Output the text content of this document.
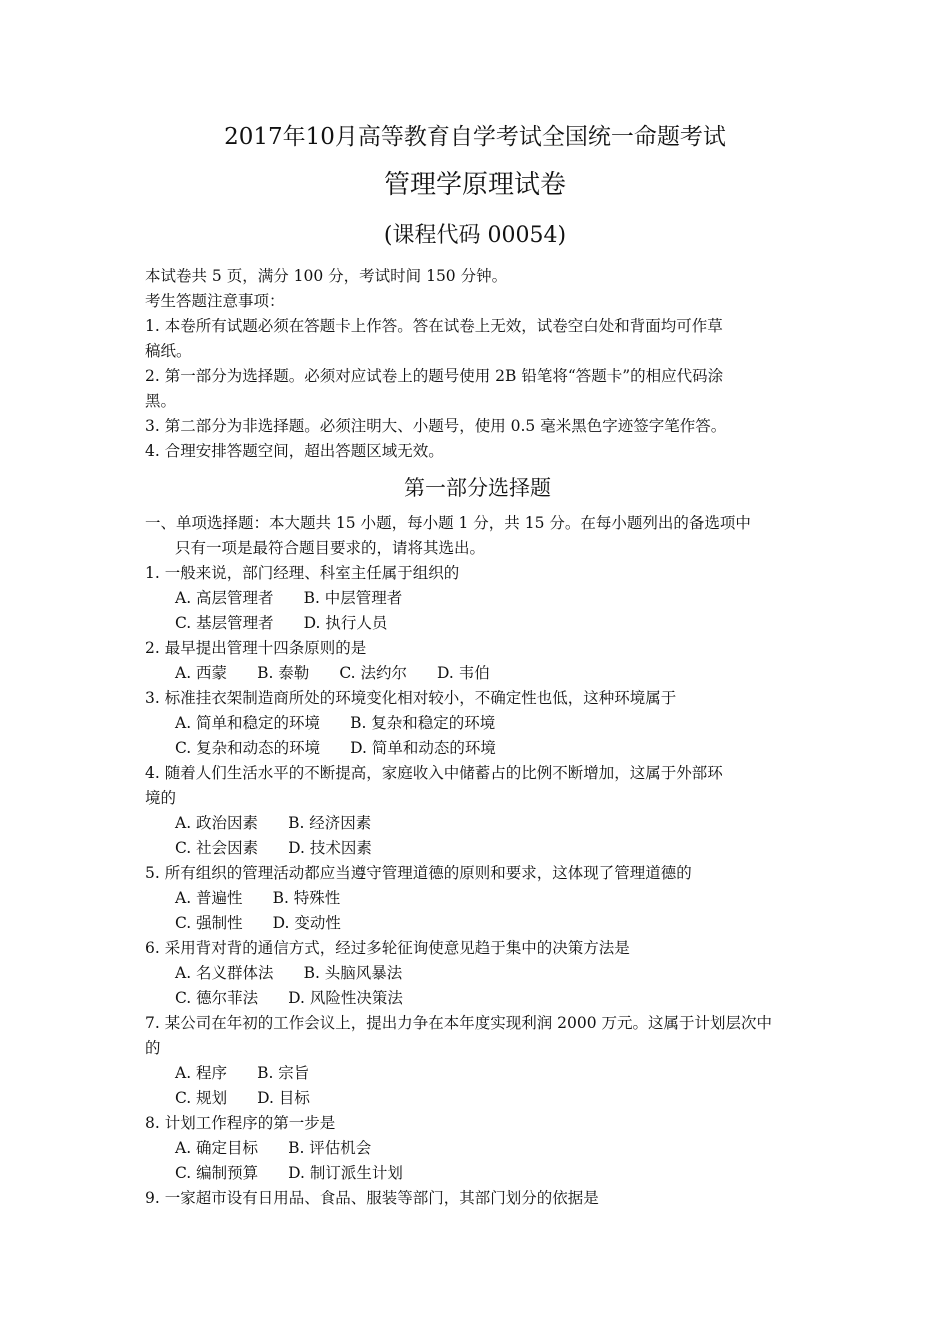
2017年10月高等教育自学考试全国统一命题考试
管理学原理试卷
(课程代码 00054)
本试卷共 5 页，满分 100 分，考试时间 150 分钟。
考生答题注意事项：
1. 本卷所有试题必须在答题卡上作答。答在试卷上无效，试卷空白处和背面均可作草
稿纸。
2. 第一部分为选择题。必须对应试卷上的题号使用 2B 铅笔将“答题卡”的相应代码涂
黑。
3. 第二部分为非选择题。必须注明大、小题号，使用 0.5 毫米黑色字迹签字笔作答。
4. 合理安排答题空间，超出答题区域无效。
第一部分选择题
一、单项选择题：本大题共 15 小题，每小题 1 分，共 15 分。在每小题列出的备选项中
只有一项是最符合题目要求的，请将其选出。
1. 一般来说，部门经理、科室主任属于组织的
A. 高层管理者 B. 中层管理者
C. 基层管理者 D. 执行人员
2. 最早提出管理十四条原则的是
A. 西蒙 B. 泰勒 C. 法约尔 D. 韦伯
3. 标准挂衣架制造商所处的环境变化相对较小，不确定性也低，这种环境属于
A. 简单和稳定的环境 B. 复杂和稳定的环境
C. 复杂和动态的环境 D. 简单和动态的环境
4. 随着人们生活水平的不断提高，家庭收入中储蓄占的比例不断增加，这属于外部环
境的
A. 政治因素 B. 经济因素
C. 社会因素 D. 技术因素
5. 所有组织的管理活动都应当遵守管理道德的原则和要求，这体现了管理道德的
A. 普遍性 B. 特殊性
C. 强制性 D. 变动性
6. 采用背对背的通信方式，经过多轮征询使意见趋于集中的决策方法是
A. 名义群体法 B. 头脑风暴法
C. 德尔菲法 D. 风险性决策法
7. 某公司在年初的工作会议上，提出力争在本年度实现利润 2000 万元。这属于计划层次中
的
A. 程序 B. 宗旨
C. 规划 D. 目标
8. 计划工作程序的第一步是
A. 确定目标 B. 评估机会
C. 编制预算 D. 制订派生计划
9. 一家超市设有日用品、食品、服装等部门，其部门划分的依据是
